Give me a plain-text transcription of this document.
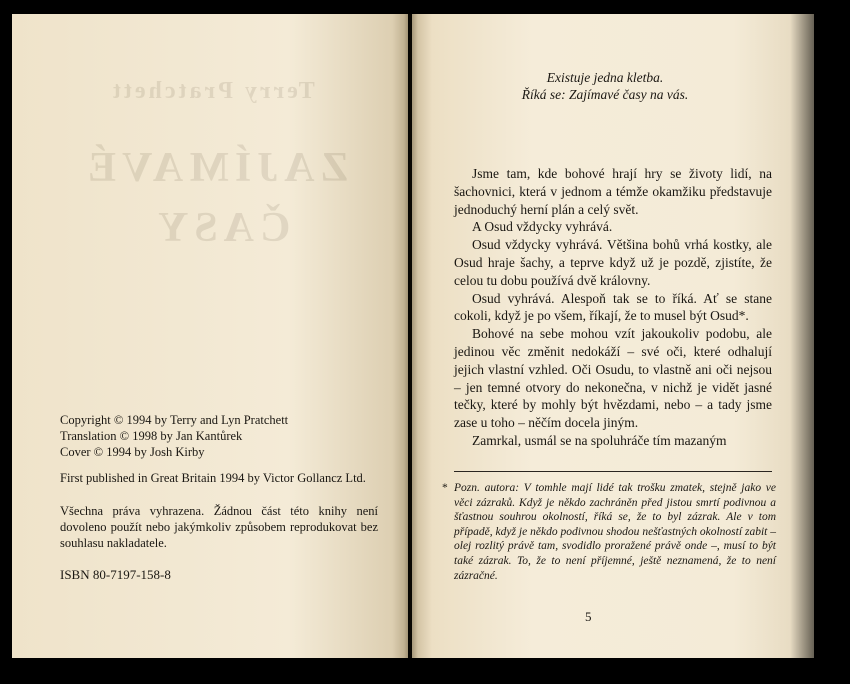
Terry Pratchett
ZAJÍMAVÉ
ČASY
Copyright © 1994 by Terry and Lyn Pratchett
Translation © 1998 by Jan Kantůrek
Cover © 1994 by Josh Kirby
First published in Great Britain 1994 by Victor Gollancz Ltd.
Všechna práva vyhrazena. Žádnou část této knihy není dovoleno použít nebo jakýmkoliv způsobem reprodukovat bez souhlasu nakladatele.
ISBN 80-7197-158-8
Existuje jedna kletba.
Říká se: Zajímavé časy na vás.

Jsme tam, kde bohové hrají hry se životy lidí, na šachovnici, která v jednom a témže okamžiku představuje jednoduchý herní plán a celý svět.

A Osud vždycky vyhrává.

Osud vždycky vyhrává. Většina bohů vrhá kostky, ale Osud hraje šachy, a teprve když už je pozdě, zjistíte, že celou tu dobu používá dvě královny.

Osud vyhrává. Alespoň tak se to říká. Ať se stane cokoli, když je po všem, říkají, že to musel být Osud*.

Bohové na sebe mohou vzít jakoukoliv podobu, ale jedinou věc změnit nedokáží – své oči, které odhalují jejich vlastní vzhled. Oči Osudu, to vlastně ani oči nejsou – jen temné otvory do nekonečna, v nichž je vidět jasné tečky, které by mohly být hvězdami, nebo – a tady jsme zase u toho – něčím docela jiným.

Zamrkal, usmál se na spoluhráče tím mazaným

* Pozn. autora: V tomhle mají lidé tak trošku zmatek, stejně jako ve věci zázraků. Když je někdo zachráněn před jistou smrtí podivnou a šťastnou souhrou okolností, říká se, že to byl zázrak. Ale v tom případě, když je někdo podivnou shodou nešťastných okolností zabit – olej rozlitý právě tam, svodidlo proražené právě onde –, musí to být také zázrak. To, že to není příjemné, ještě neznamená, že to není zázračné.
5
